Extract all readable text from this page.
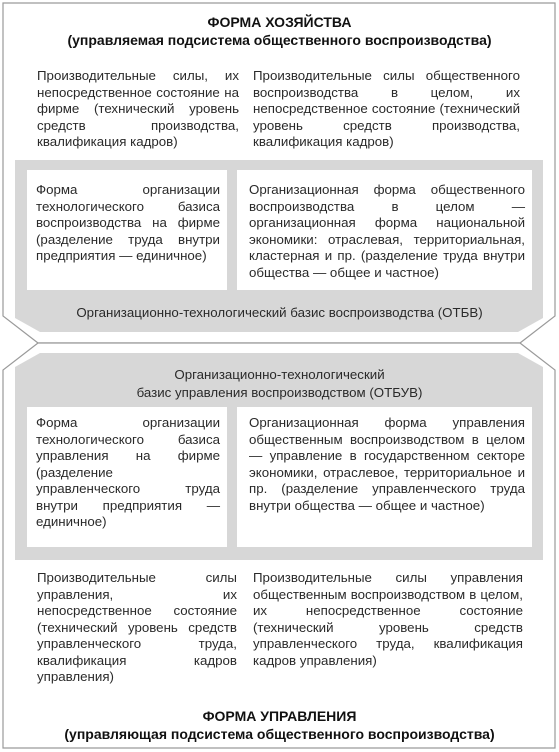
ФОРМА ХОЗЯЙСТВА
(управляемая подсистема общественного воспроизводства)
Производительные силы, их непосредственное состояние на фирме (технический уровень средств производства, квалификация кадров)
Производительные силы общественного воспроизводства в целом, их непосредственное состояние (технический уровень средств производства, квалификация кадров)
Форма организации технологического базиса воспроизводства на фирме (разделение труда внутри предприятия — единичное)
Организационная форма общественного воспроизводства в целом — организационная форма национальной экономики: отраслевая, территориальная, кластерная и пр. (разделение труда внутри общества — общее и частное)
Организационно-технологический базис воспроизводства (ОТБВ)
Организационно-технологический
базис управления воспроизводством (ОТБУВ)
Форма организации технологического базиса управления на фирме (разделение управленческого труда внутри предприятия — единичное)
Организационная форма управления общественным воспроизводством в целом — управление в государственном секторе экономики, отраслевое, территориальное и пр. (разделение управленческого труда внутри общества — общее и частное)
Производительные силы управления, их непосредственное состояние (технический уровень средств управленческого труда, квалификация кадров управления)
Производительные силы управления общественным воспроизводством в целом, их непосредственное состояние (технический уровень средств управленческого труда, квалификация кадров управления)
ФОРМА УПРАВЛЕНИЯ
(управляющая подсистема общественного воспроизводства)
